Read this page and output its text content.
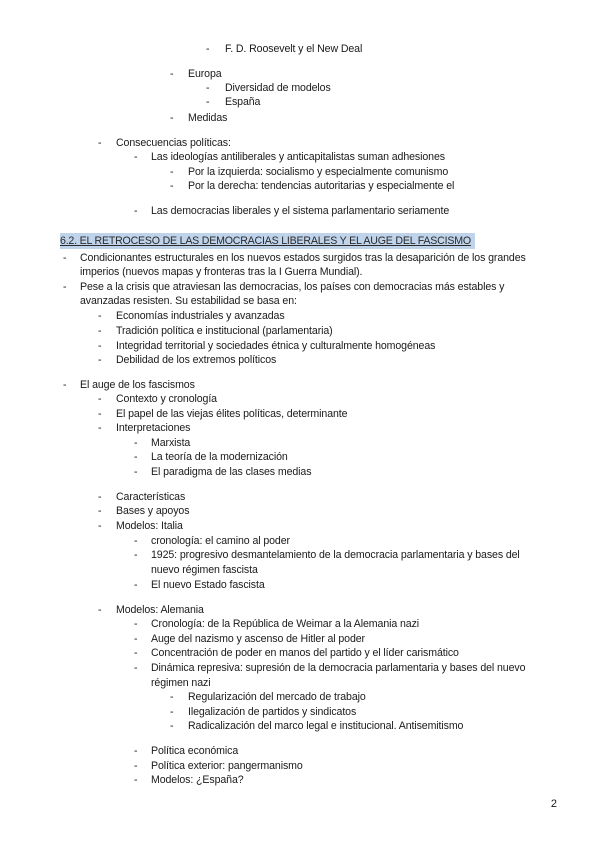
- F. D. Roosevelt y el New Deal
- Europa
- Diversidad de modelos
- España
- Medidas
- Consecuencias políticas:
- Las ideologías antiliberales y anticapitalistas suman adhesiones
- Por la izquierda: socialismo y especialmente comunismo
- Por la derecha: tendencias autoritarias y especialmente el
- Las democracias liberales y el sistema parlamentario seriamente
6.2. EL RETROCESO DE LAS DEMOCRACIAS LIBERALES Y EL AUGE DEL FASCISMO
- Condicionantes estructurales en los nuevos estados surgidos tras la desaparición de los grandes
imperios (nuevos mapas y fronteras tras la I Guerra Mundial).
- Pese a la crisis que atraviesan las democracias, los países con democracias más estables y
avanzadas resisten. Su estabilidad se basa en:
- Economías industriales y avanzadas
- Tradición política e institucional (parlamentaria)
- Integridad territorial y sociedades étnica y culturalmente homogéneas
- Debilidad de los extremos políticos
- El auge de los fascismos
- Contexto y cronología
- El papel de las viejas élites políticas, determinante
- Interpretaciones
- Marxista
- La teoría de la modernización
- El paradigma de las clases medias
- Características
- Bases y apoyos
- Modelos: Italia
- cronología: el camino al poder
- 1925: progresivo desmantelamiento de la democracia parlamentaria y bases del
nuevo régimen fascista
- El nuevo Estado fascista
- Modelos: Alemania
- Cronología: de la República de Weimar a la Alemania nazi
- Auge del nazismo y ascenso de Hitler al poder
- Concentración de poder en manos del partido y el líder carismático
- Dinámica represiva: supresión de la democracia parlamentaria y bases del nuevo
régimen nazi
- Regularización del mercado de trabajo
- Ilegalización de partidos y sindicatos
- Radicalización del marco legal e institucional. Antisemitismo
- Política económica
- Política exterior: pangermanismo
- Modelos: ¿España?
2
